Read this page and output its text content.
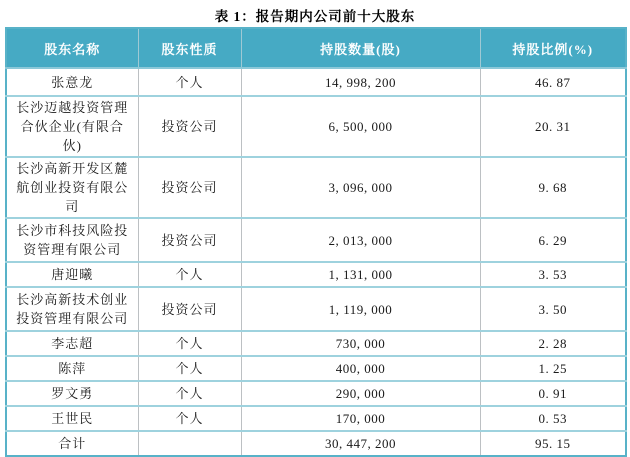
表 1：报告期内公司前十大股东
股东名称	股东性质	持股数量(股)	持股比例(%)
张意龙	个人	14, 998, 200	46. 87
长沙迈越投资管理合伙企业(有限合伙)	投资公司	6, 500, 000	20. 31
长沙高新开发区麓航创业投资有限公司	投资公司	3, 096, 000	9. 68
长沙市科技风险投资管理有限公司	投资公司	2, 013, 000	6. 29
唐迎曦	个人	1, 131, 000	3. 53
长沙高新技术创业投资管理有限公司	投资公司	1, 119, 000	3. 50
李志超	个人	730, 000	2. 28
陈萍	个人	400, 000	1. 25
罗文勇	个人	290, 000	0. 91
王世民	个人	170, 000	0. 53
合计		30, 447, 200	95. 15
